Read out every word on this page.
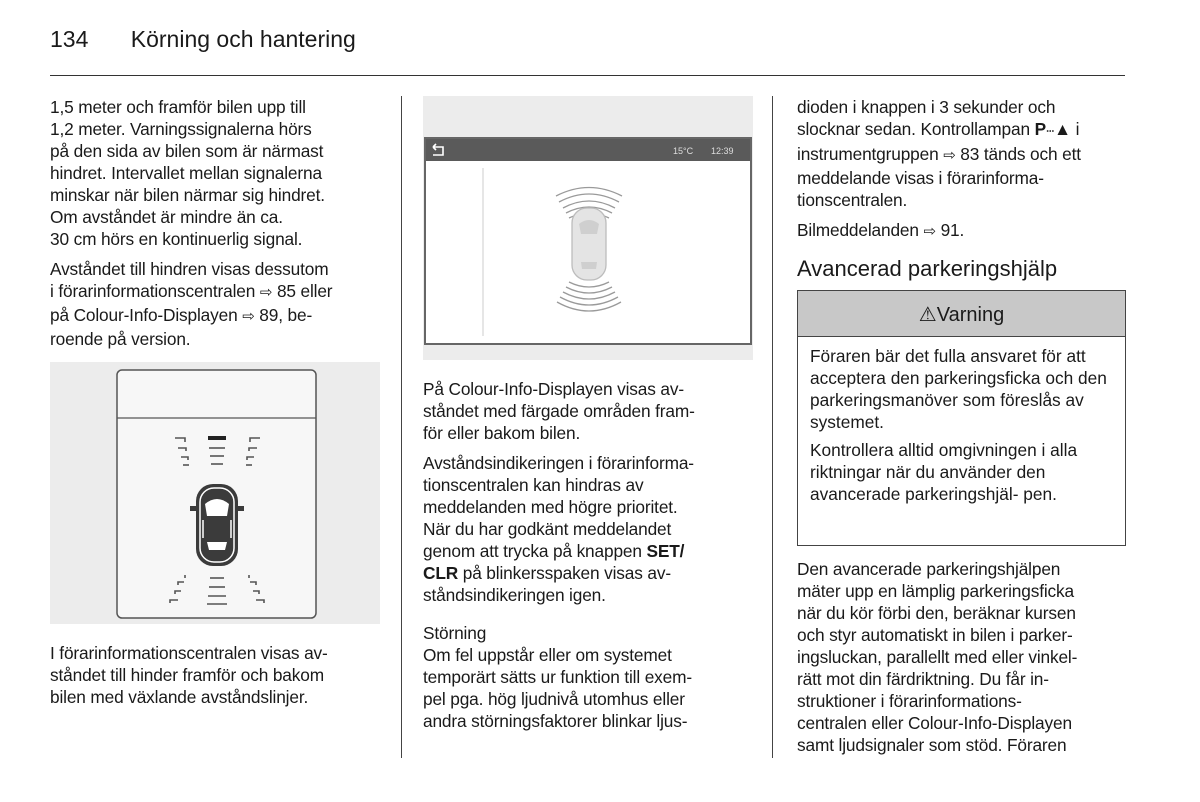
134 Körning och hantering

1,5 meter och framför bilen upp till
1,2 meter. Varningssignalerna hörs
på den sida av bilen som är närmast
hindret. Intervallet mellan signalerna
minskar när bilen närmar sig hindret.
Om avståndet är mindre än ca.
30 cm hörs en kontinuerlig signal.

Avståndet till hindren visas dessutom
i förarinformationscentralen ⇨ 85 eller
på Colour-Info-Displayen ⇨ 89, be-
roende på version.

I förarinformationscentralen visas av-
ståndet till hinder framför och bakom
bilen med växlande avståndslinjer.

15°C 12:39

På Colour-Info-Displayen visas av-
ståndet med färgade områden fram-
för eller bakom bilen.

Avståndsindikeringen i förarinforma-
tionscentralen kan hindras av
meddelanden med högre prioritet.
När du har godkänt meddelandet
genom att trycka på knappen SET/
CLR på blinkersspaken visas av-
ståndsindikeringen igen.

Störning
Om fel uppstår eller om systemet
temporärt sätts ur funktion till exem-
pel pga. hög ljudnivå utomhus eller
andra störningsfaktorer blinkar ljus-

dioden i knappen i 3 sekunder och
slocknar sedan. Kontrollampan Pᐧᐧᐧ▲ i
instrumentgruppen ⇨ 83 tänds och ett
meddelande visas i förarinforma-
tionscentralen.

Bilmeddelanden ⇨ 91.

Avancerad parkeringshjälp
⚠Varning

Föraren bär det fulla ansvaret för att acceptera den parkeringsficka och den parkeringsmanöver som föreslås av systemet.

Kontrollera alltid omgivningen i alla riktningar när du använder den avancerade parkeringshjäl- pen.

Den avancerade parkeringshjälpen
mäter upp en lämplig parkeringsficka
när du kör förbi den, beräknar kursen
och styr automatiskt in bilen i parker-
ingsluckan, parallellt med eller vinkel-
rätt mot din färdriktning. Du får in-
struktioner i förarinformations-
centralen eller Colour-Info-Displayen
samt ljudsignaler som stöd. Föraren
